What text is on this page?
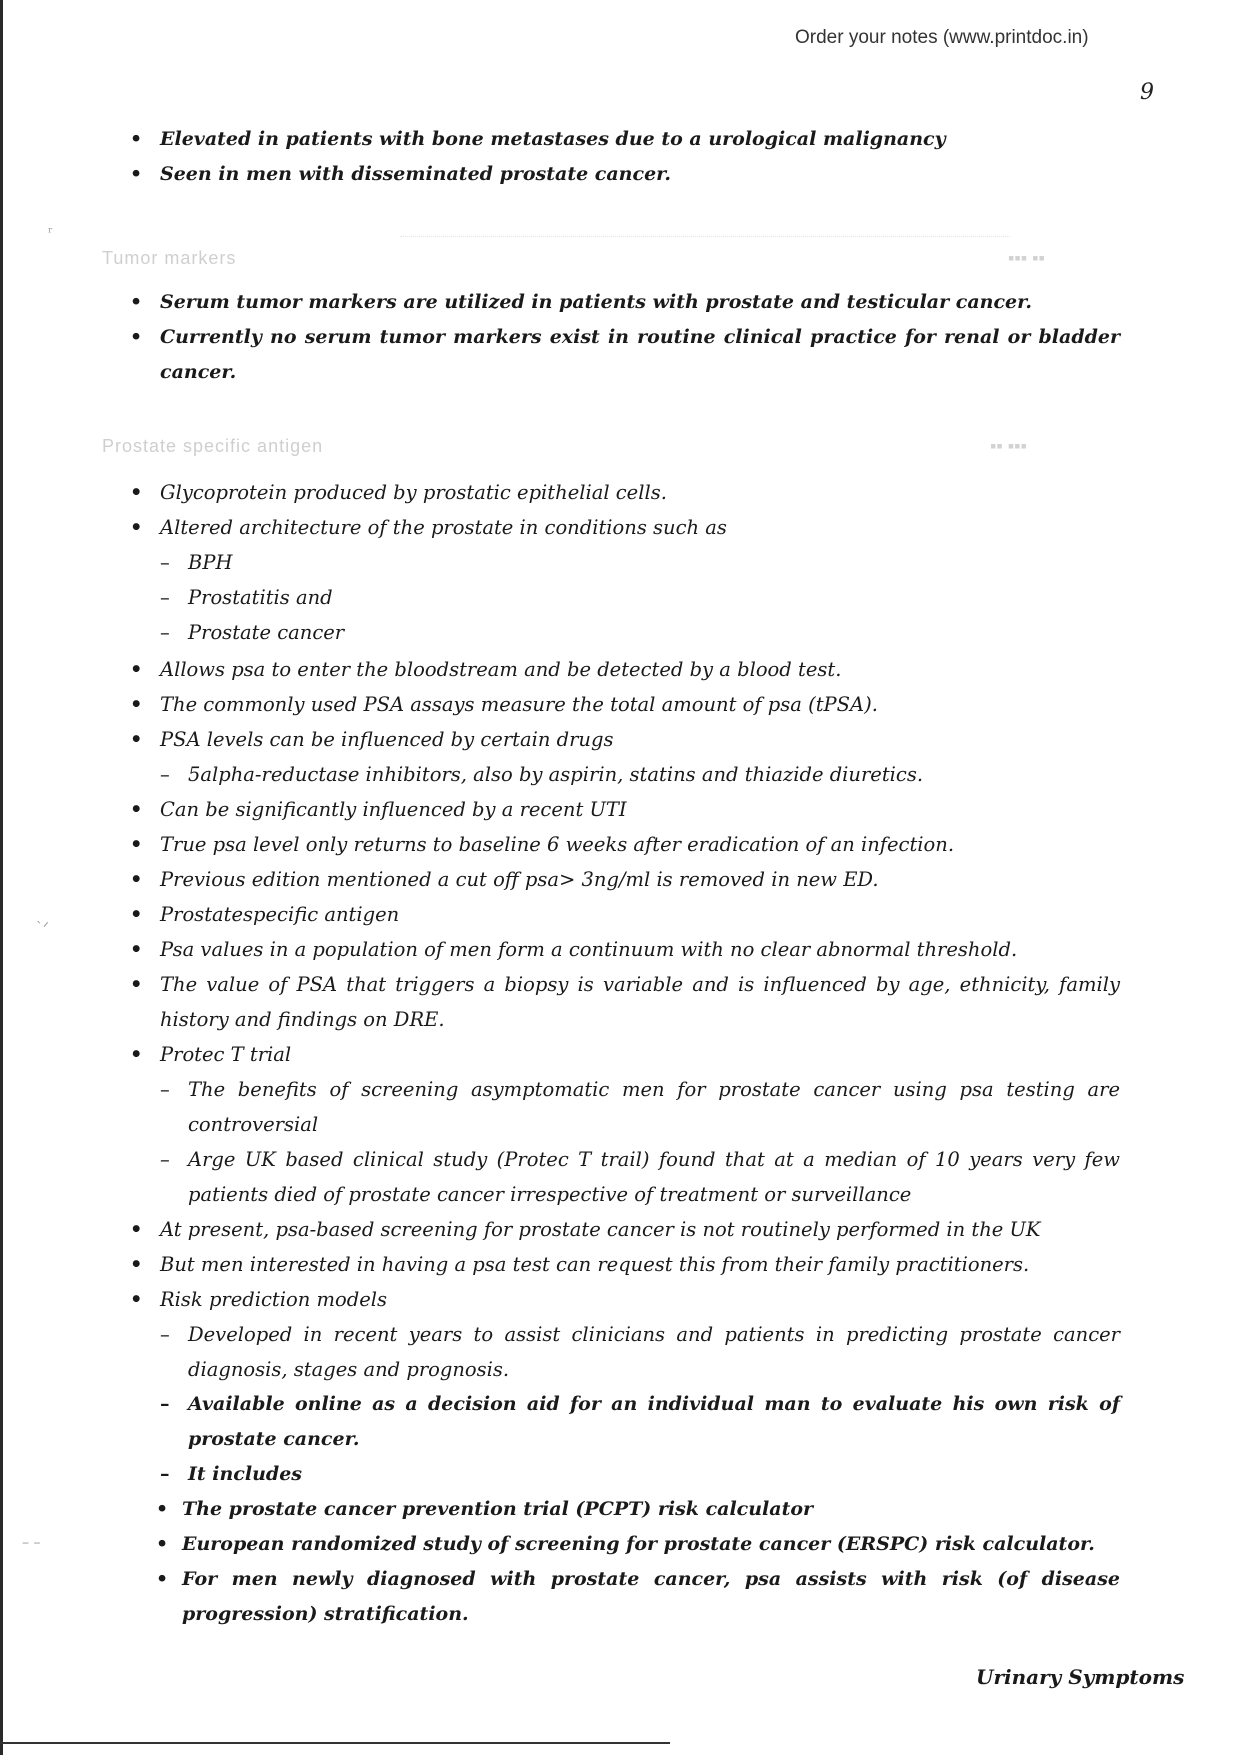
Order your notes (www.printdoc.in)
9
• Elevated in patients with bone metastases due to a urological malignancy
• Seen in men with disseminated prostate cancer.
ʳ
Tumor markers	▪▪▪ ▪▪
• Serum tumor markers are utilized in patients with prostate and testicular cancer.
• Currently no serum tumor markers exist in routine clinical practice for renal or bladder cancer.
Prostate specific antigen	▪▪ ▪▪▪
• Glycoprotein produced by prostatic epithelial cells.
• Altered architecture of the prostate in conditions such as
– BPH
– Prostatitis and
– Prostate cancer
• Allows psa to enter the bloodstream and be detected by a blood test.
• The commonly used PSA assays measure the total amount of psa (tPSA).
• PSA levels can be influenced by certain drugs
– 5alpha-reductase inhibitors, also by aspirin, statins and thiazide diuretics.
• Can be significantly influenced by a recent UTI
• True psa level only returns to baseline 6 weeks after eradication of an infection.
• Previous edition mentioned a cut off psa> 3ng/ml is removed in new ED.
• Prostatespecific antigen
• Psa values in a population of men form a continuum with no clear abnormal threshold.
• The value of PSA that triggers a biopsy is variable and is influenced by age, ethnicity, family history and findings on DRE.
• Protec T trial
– The benefits of screening asymptomatic men for prostate cancer using psa testing are controversial
– Arge UK based clinical study (Protec T trail) found that at a median of 10 years very few patients died of prostate cancer irrespective of treatment or surveillance
• At present, psa-based screening for prostate cancer is not routinely performed in the UK
• But men interested in having a psa test can request this from their family practitioners.
• Risk prediction models
– Developed in recent years to assist clinicians and patients in predicting prostate cancer diagnosis, stages and prognosis.
– Available online as a decision aid for an individual man to evaluate his own risk of prostate cancer.
– It includes
• The prostate cancer prevention trial (PCPT) risk calculator
• European randomized study of screening for prostate cancer (ERSPC) risk calculator.
• For men newly diagnosed with prostate cancer, psa assists with risk (of disease progression) stratification.
`ᐟ
– –
Urinary Symptoms
